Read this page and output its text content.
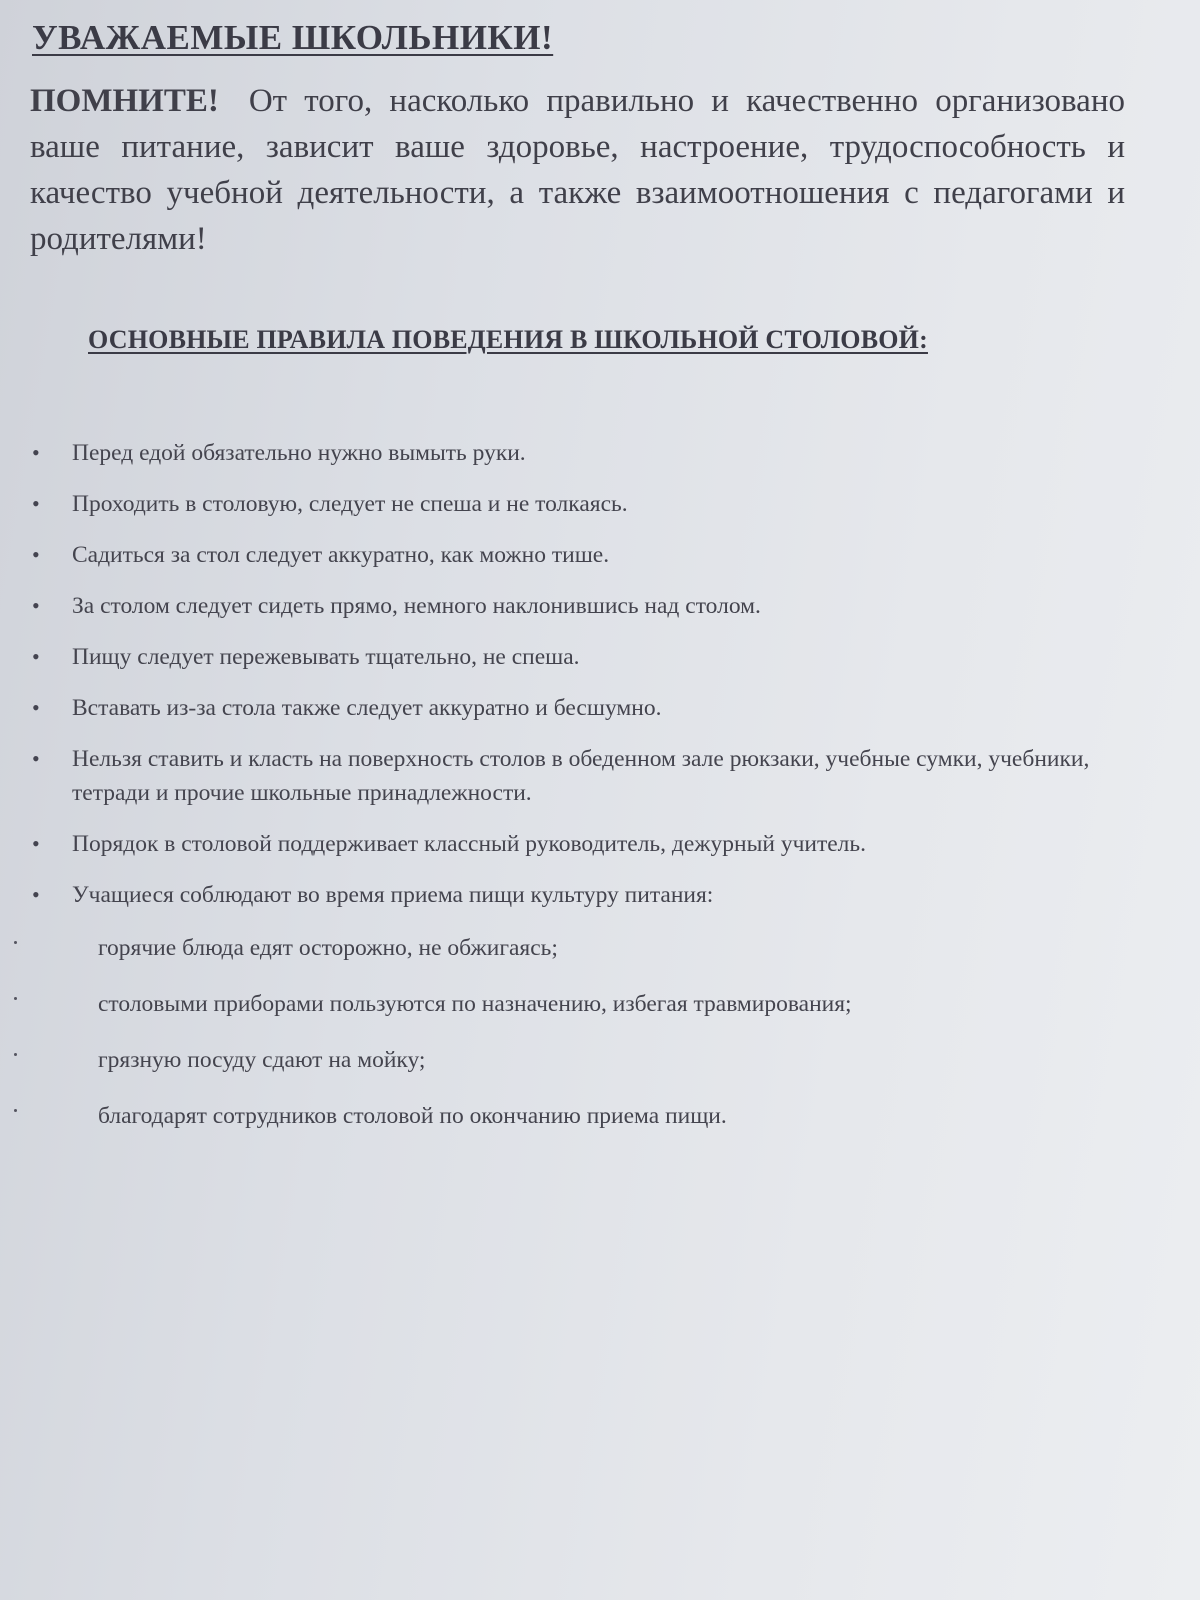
УВАЖАЕМЫЕ ШКОЛЬНИКИ!

ПОМНИТЕ! От того, насколько правильно и качественно организовано ваше питание, зависит ваше здоровье, настроение, трудоспособность и качество учебной деятельности, а также взаимоотношения с педагогами и родителями!

ОСНОВНЫЕ ПРАВИЛА ПОВЕДЕНИЯ В ШКОЛЬНОЙ СТОЛОВОЙ:
• Перед едой обязательно нужно вымыть руки.
• Проходить в столовую, следует не спеша и не толкаясь.
• Садиться за стол следует аккуратно, как можно тише.
• За столом следует сидеть прямо, немного наклонившись над столом.
• Пищу следует пережевывать тщательно, не спеша.
• Вставать из-за стола также следует аккуратно и бесшумно.
• Нельзя ставить и класть на поверхность столов в обеденном зале рюкзаки, учебные сумки, учебники, тетради и прочие школьные принадлежности.
• Порядок в столовой поддерживает классный руководитель, дежурный учитель.
• Учащиеся соблюдают во время приема пищи культуру питания:
горячие блюда едят осторожно, не обжигаясь;
столовыми приборами пользуются по назначению, избегая травмирования;
грязную посуду сдают на мойку;
благодарят сотрудников столовой по окончанию приема пищи.
